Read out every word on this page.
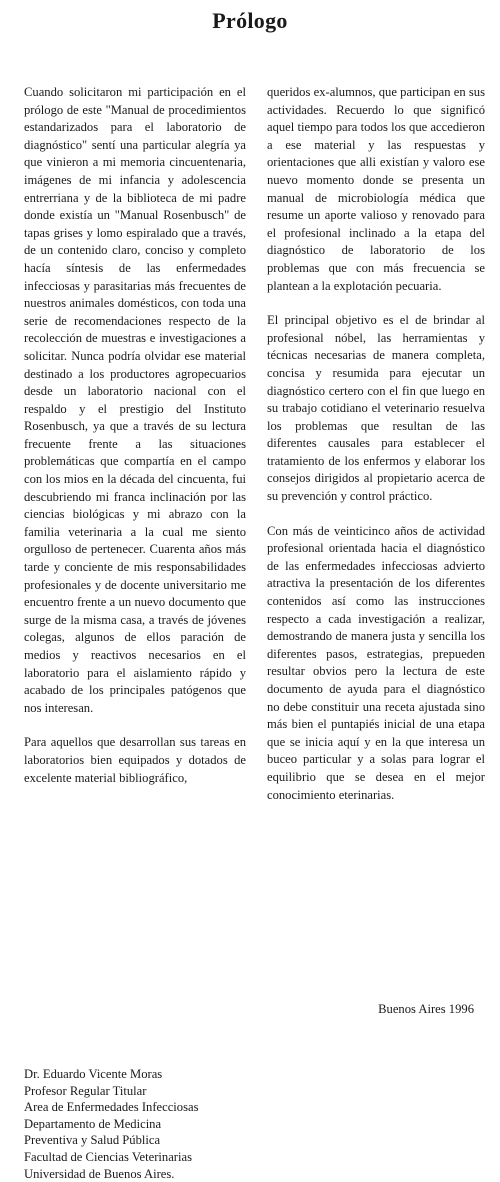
Prólogo

Cuando solicitaron mi participación en el prólogo de este "Manual de procedimientos estandarizados para el laboratorio de diagnóstico" sentí una particular alegría ya que vinieron a mi memoria cincuentenaria, imágenes de mi infancia y adolescencia entrerriana y de la biblioteca de mi padre donde existía un "Manual Rosenbusch" de tapas grises y lomo espiralado que a través, de un contenido claro, conciso y completo hacía síntesis de las enfermedades infecciosas y parasitarias más frecuentes de nuestros animales domésticos, con toda una serie de recomendaciones respecto de la recolección de muestras e investigaciones a solicitar. Nunca podría olvidar ese material destinado a los productores agropecuarios desde un laboratorio nacional con el respaldo y el prestigio del Instituto Rosenbusch, ya que a través de su lectura frecuente frente a las situaciones problemáticas que compartía en el campo con los mios en la década del cincuenta, fui descubriendo mi franca inclinación por las ciencias biológicas y mi abrazo con la familia veterinaria a la cual me siento orgulloso de pertenecer. Cuarenta años más tarde y conciente de mis responsabilidades profesionales y de docente universitario me encuentro frente a un nuevo documento que surge de la misma casa, a través de jóvenes colegas, algunos de ellos paración de medios y reactivos necesarios en el laboratorio para el aislamiento rápido y acabado de los principales patógenos que nos interesan.

Para aquellos que desarrollan sus tareas en laboratorios bien equipados y dotados de excelente material bibliográfico,

queridos ex-alumnos, que participan en sus actividades. Recuerdo lo que significó aquel tiempo para todos los que accedieron a ese material y las respuestas y orientaciones que alli existían y valoro ese nuevo momento donde se presenta un manual de microbiología médica que resume un aporte valioso y renovado para el profesional inclinado a la etapa del diagnóstico de laboratorio de los problemas que con más frecuencia se plantean a la explotación pecuaria.

El principal objetivo es el de brindar al profesional nóbel, las herramientas y técnicas necesarias de manera completa, concisa y resumida para ejecutar un diagnóstico certero con el fin que luego en su trabajo cotidiano el veterinario resuelva los problemas que resultan de las diferentes causales para establecer el tratamiento de los enfermos y elaborar los consejos dirigidos al propietario acerca de su prevención y control práctico.

Con más de veinticinco años de actividad profesional orientada hacia el diagnóstico de las enfermedades infecciosas advierto atractiva la presentación de los diferentes contenidos así como las instrucciones respecto a cada investigación a realizar, demostrando de manera justa y sencilla los diferentes pasos, estrategias, prepueden resultar obvios pero la lectura de este documento de ayuda para el diagnóstico no debe constituir una receta ajustada sino más bien el puntapiés inicial de una etapa que se inicia aquí y en la que interesa un buceo particular y a solas para lograr el equilibrio que se desea en el mejor conocimiento eterinarias.

Buenos Aires 1996
Dr. Eduardo Vicente Moras
Profesor Regular Titular
Area de Enfermedades Infecciosas
Departamento de Medicina
Preventiva y Salud Pública
Facultad de Ciencias Veterinarias
Universidad de Buenos Aires.
